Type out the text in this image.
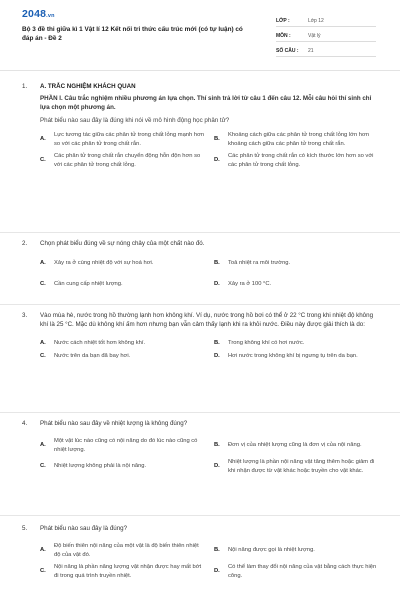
2048.vn
Bộ 3 đề thi giữa kì 1 Vật lí 12 Kết nối tri thức cấu trúc mới (có tự luận) có đáp án - Đề 2
LỚP :	Lớp 12
MÔN :	Vật lý
SỐ CÂU :	21
1.	A. TRẮC NGHIỆM KHÁCH QUAN
PHẦN I. Câu trắc nghiệm nhiều phương án lựa chọn. Thí sinh trả lời từ câu 1 đến câu 12. Mỗi câu hỏi thí sinh chỉ lựa chọn một phương án.
Phát biểu nào sau đây là đúng khi nói về mô hình động học phân tử?
A.
Lực tương tác giữa các phân tử trong chất lỏng mạnh hơn so với các phân tử trong chất rắn.
B.
Khoảng cách giữa các phân tử trong chất lỏng lớn hơn khoảng cách giữa các phân tử trong chất rắn.
C.
Các phân tử trong chất rắn chuyển động hỗn độn hơn so với các phân tử trong chất lỏng.
D.
Các phân tử trong chất rắn có kích thước lớn hơn so với các phân tử trong chất lỏng.
2.	Chọn phát biểu đúng về sự nóng chảy của một chất nào đó.
A.	Xảy ra ở cùng nhiệt độ với sự hoá hơi.	B.	Toả nhiệt ra môi trường.
C.	Cần cung cấp nhiệt lượng.	D.	Xảy ra ở 100 °C.
3.	Vào mùa hè, nước trong hồ thường lạnh hơn không khí. Ví dụ, nước trong hồ bơi có thể ở 22 °C trong khi nhiệt độ không khí là 25 °C. Mặc dù không khí ấm hơn nhưng bạn vẫn cảm thấy lạnh khi ra khỏi nước. Điều này được giải thích là do:
A.	Nước cách nhiệt tốt hơn không khí.	B.	Trong không khí có hơi nước.
C.	Nước trên da bạn đã bay hơi.	D.	Hơi nước trong không khí bị ngưng tụ trên da bạn.
4.	Phát biểu nào sau đây về nhiệt lượng là không đúng?
A.
Một vật lúc nào cũng có nội năng do đó lúc nào cũng có nhiệt lượng.
B.	Đơn vị của nhiệt lượng cũng là đơn vị của nội năng.
C.	Nhiệt lượng không phải là nội năng.	D.
Nhiệt lượng là phần nội năng vật tăng thêm hoặc giảm đi khi nhận được từ vật khác hoặc truyền cho vật khác.
5.	Phát biểu nào sau đây là đúng?
A.
Độ biến thiên nội năng của một vật là độ biến thiên nhiệt độ của vật đó.
B.	Nội năng được gọi là nhiệt lượng.
C.
Nội năng là phần năng lượng vật nhận được hay mất bớt đi trong quá trình truyền nhiệt.
D.
Có thể làm thay đổi nội năng của vật bằng cách thực hiện công.
